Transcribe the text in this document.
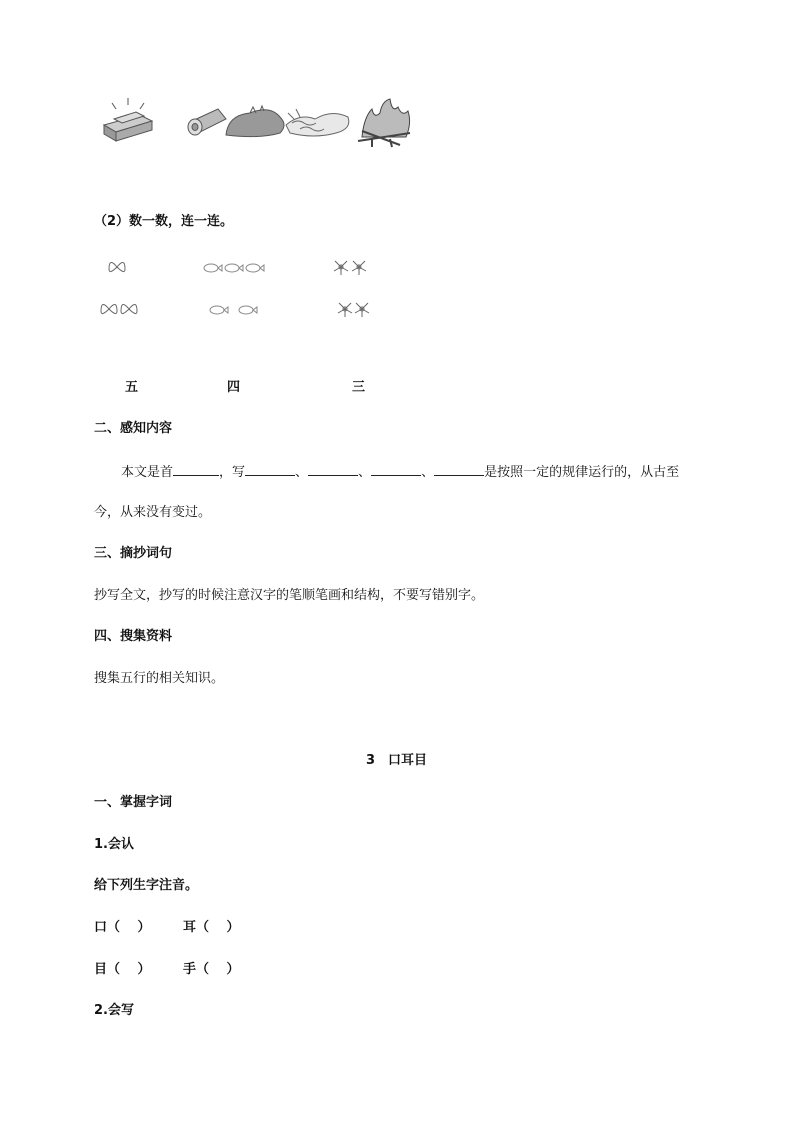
（2）数一数，连一连。
五	四	三
二、感知内容
本文是首	，写	、	、	、	是按照一定的规律运行的，从古至
今，从来没有变过。
三、摘抄词句
抄写全文，抄写的时候注意汉字的笔顺笔画和结构，不要写错别字。
四、搜集资料
搜集五行的相关知识。
3　口耳目
一、掌握字词
1.会认
给下列生字注音。
口（　 ） 耳（　 ）
目（　 ） 手（　 ）
2.会写
